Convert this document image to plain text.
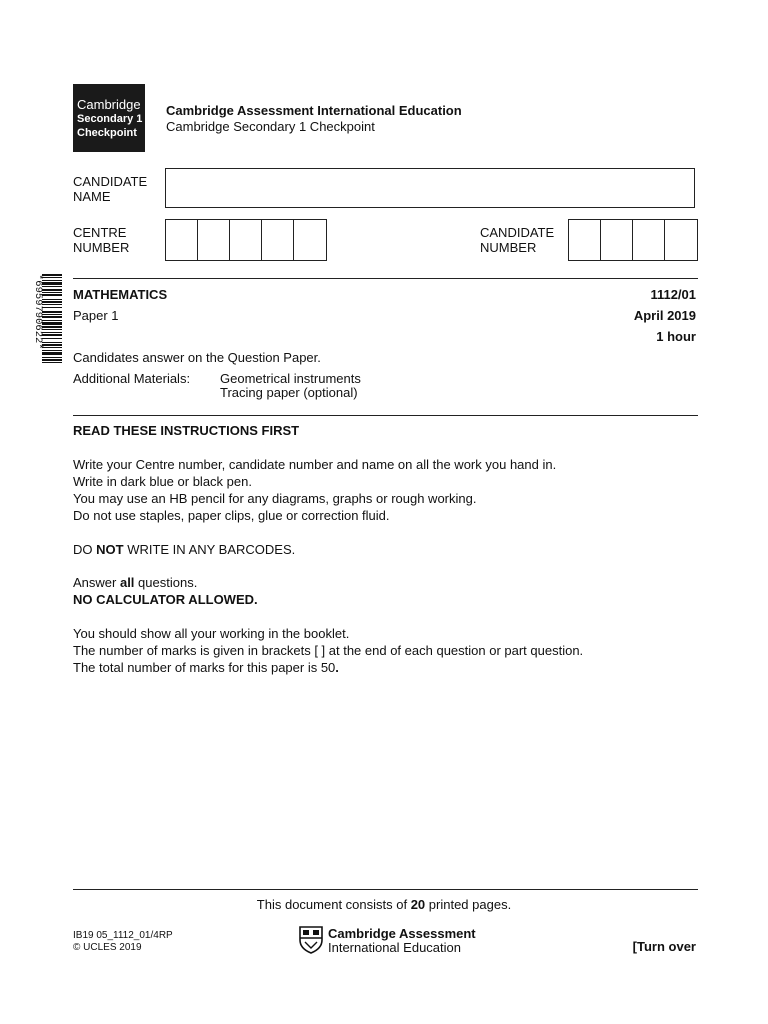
Cambridge
Secondary 1
Checkpoint
Cambridge Assessment International Education
Cambridge Secondary 1 Checkpoint
CANDIDATE
NAME
CENTRE
NUMBER
CANDIDATE
NUMBER
*6959790622* MATHEMATICS	1112/01
Paper 1	April 2019
1 hour
Candidates answer on the Question Paper.
Additional Materials: Geometrical instruments
Tracing paper (optional)
READ THESE INSTRUCTIONS FIRST
Write your Centre number, candidate number and name on all the work you hand in.
Write in dark blue or black pen.
You may use an HB pencil for any diagrams, graphs or rough working.
Do not use staples, paper clips, glue or correction fluid.
DO NOT WRITE IN ANY BARCODES.
Answer all questions.
NO CALCULATOR ALLOWED.
You should show all your working in the booklet.
The number of marks is given in brackets [ ] at the end of each question or part question.
The total number of marks for this paper is 50.
This document consists of 20 printed pages.
IB19 05_1112_01/4RP
© UCLES 2019
Cambridge Assessment
International Education	[Turn over
